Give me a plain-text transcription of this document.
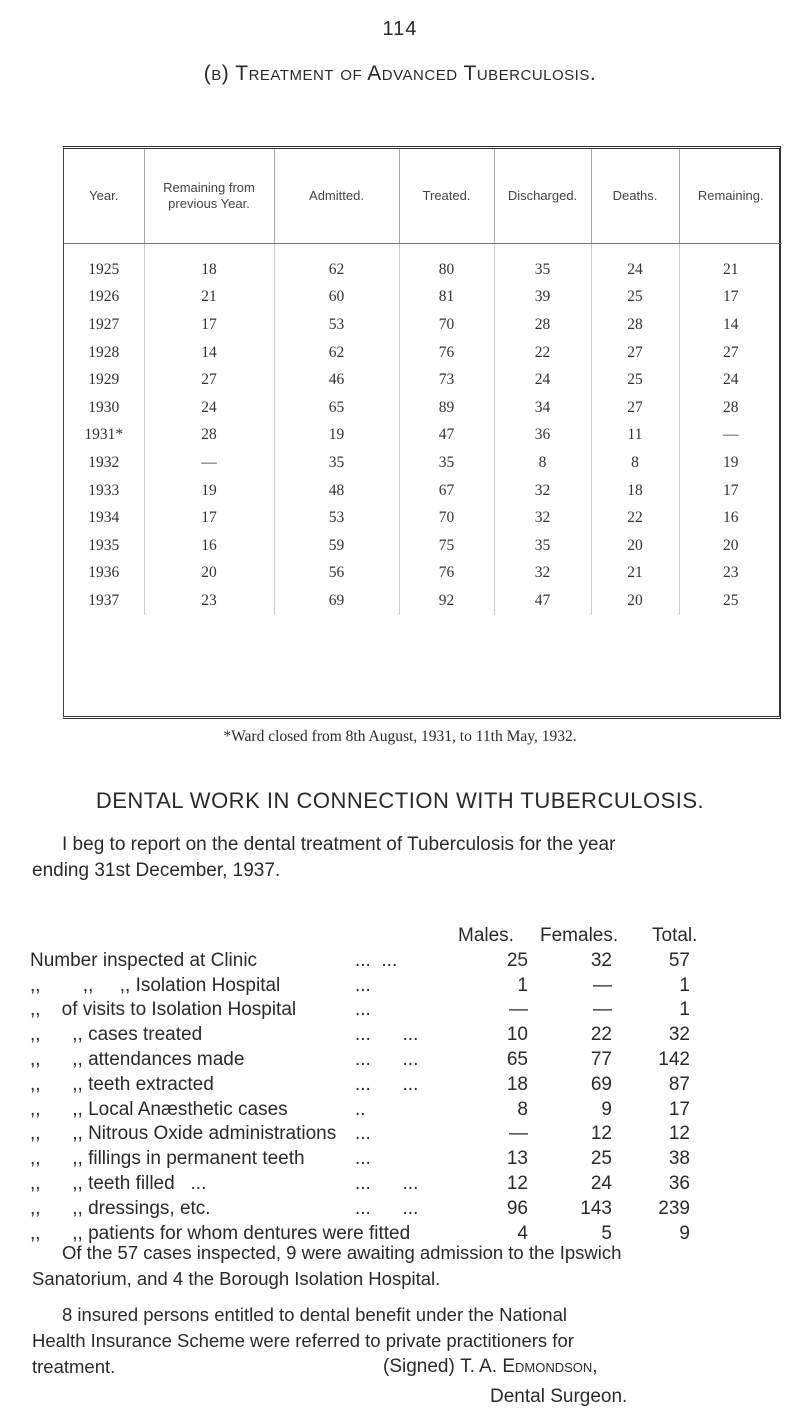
114
(b) Treatment of Advanced Tuberculosis.
Year.	Remaining from previous Year.	Admitted.	Treated.	Discharged.	Deaths.	Remaining.
1925	18	62	80	35	24	21
1926	21	60	81	39	25	17
1927	17	53	70	28	28	14
1928	14	62	76	22	27	27
1929	27	46	73	24	25	24
1930	24	65	89	34	27	28
1931*	28	19	47	36	11	—
1932	—	35	35	8	8	19
1933	19	48	67	32	18	17
1934	17	53	70	32	22	16
1935	16	59	75	35	20	20
1936	20	56	76	32	21	23
1937	23	69	92	47	20	25
*Ward closed from 8th August, 1931, to 11th May, 1932.
DENTAL WORK IN CONNECTION WITH TUBERCULOSIS.
I beg to report on the dental treatment of Tuberculosis for the year
ending 31st December, 1937.
Males. Females. Total.
Number inspected at Clinic	...  ...	25	32	57
,,        ,,     ,, Isolation Hospital	...	1	—	1
,,    of visits to Isolation Hospital	...	—	—	1
,,      ,, cases treated	...      ...	10	22	32
,,      ,, attendances made	...      ...	65	77	142
,,      ,, teeth extracted	...      ...	18	69	87
,,      ,, Local Anæsthetic cases	..	8	9	17
,,      ,, Nitrous Oxide administrations ...	—	12	12
,,      ,, fillings in permanent teeth	...	13	25	38
,,      ,, teeth filled   ...	...      ...	12	24	36
,,      ,, dressings, etc.	...      ...	96	143	239
,,      ,, patients for whom dentures were fitted	4	5	9
Of the 57 cases inspected, 9 were awaiting admission to the Ipswich
Sanatorium, and 4 the Borough Isolation Hospital.
8 insured persons entitled to dental benefit under the National
Health Insurance Scheme were referred to private practitioners for
treatment.	(Signed) T. A. Edmondson,
Dental Surgeon.
